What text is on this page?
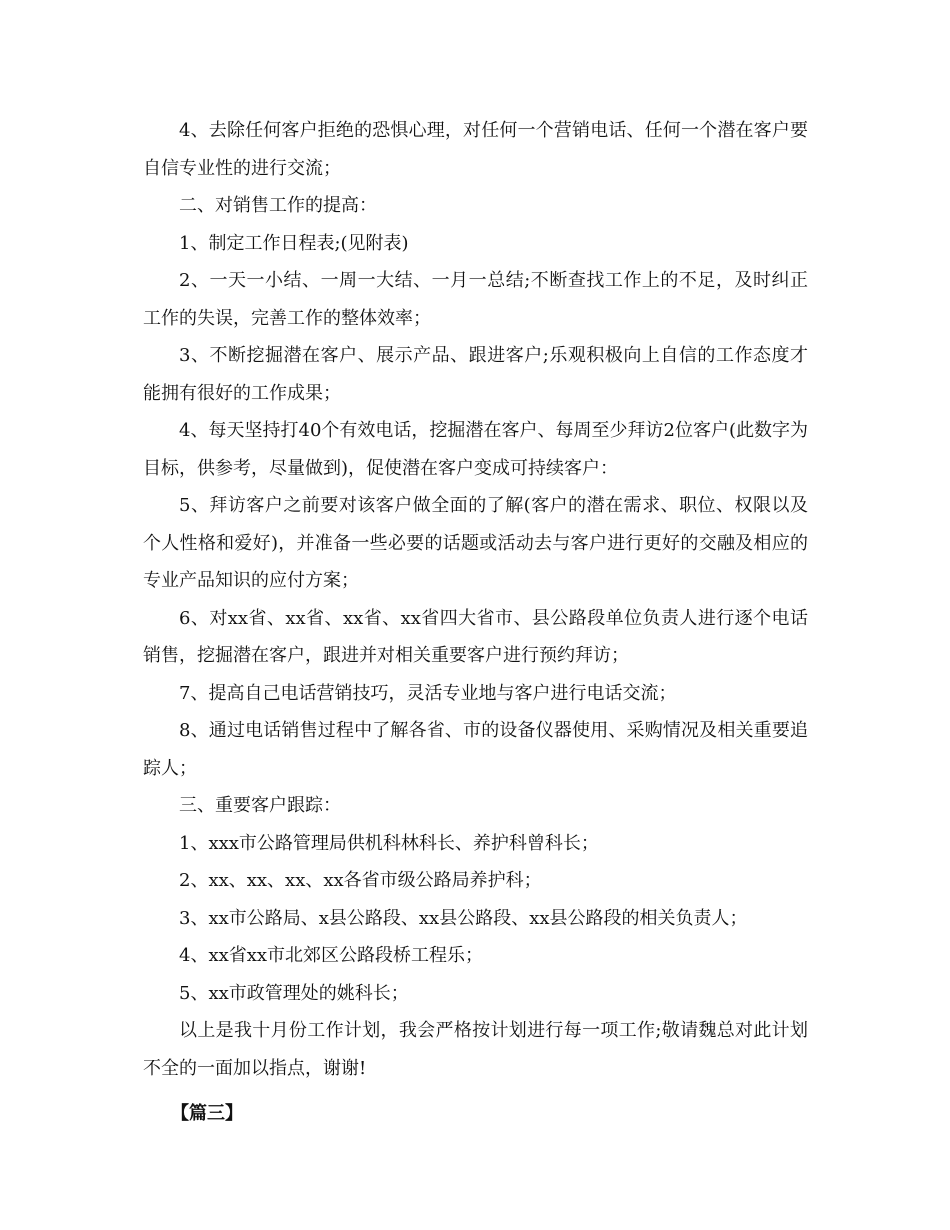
4、去除任何客户拒绝的恐惧心理，对任何一个营销电话、任何一个潜在客户要自信专业性的进行交流；

二、对销售工作的提高：

1、制定工作日程表;(见附表)

2、一天一小结、一周一大结、一月一总结;不断查找工作上的不足，及时纠正工作的失误，完善工作的整体效率；

3、不断挖掘潜在客户、展示产品、跟进客户;乐观积极向上自信的工作态度才能拥有很好的工作成果；

4、每天坚持打40个有效电话，挖掘潜在客户、每周至少拜访2位客户(此数字为目标，供参考，尽量做到)，促使潜在客户变成可持续客户：

5、拜访客户之前要对该客户做全面的了解(客户的潜在需求、职位、权限以及个人性格和爱好)，并准备一些必要的话题或活动去与客户进行更好的交融及相应的专业产品知识的应付方案；

6、对xx省、xx省、xx省、xx省四大省市、县公路段单位负责人进行逐个电话销售，挖掘潜在客户，跟进并对相关重要客户进行预约拜访；

7、提高自己电话营销技巧，灵活专业地与客户进行电话交流；

8、通过电话销售过程中了解各省、市的设备仪器使用、采购情况及相关重要追踪人；

三、重要客户跟踪：

1、xxx市公路管理局供机科林科长、养护科曾科长；

2、xx、xx、xx、xx各省市级公路局养护科；

3、xx市公路局、x县公路段、xx县公路段、xx县公路段的相关负责人；

4、xx省xx市北郊区公路段桥工程乐；

5、xx市政管理处的姚科长；

以上是我十月份工作计划，我会严格按计划进行每一项工作;敬请魏总对此计划不全的一面加以指点，谢谢!

【篇三】
